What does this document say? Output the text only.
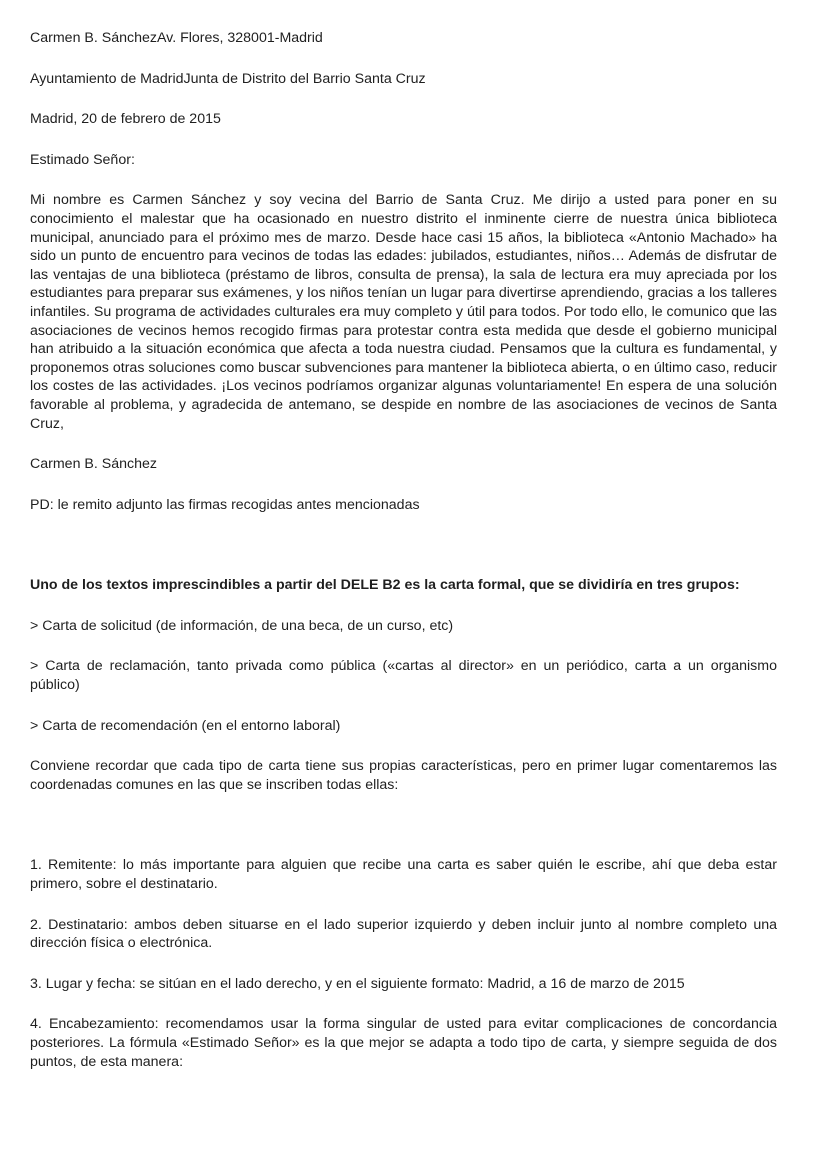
Carmen B. SánchezAv. Flores, 328001-Madrid

Ayuntamiento de MadridJunta de Distrito del Barrio Santa Cruz

Madrid, 20 de febrero de 2015

Estimado Señor:

Mi nombre es Carmen Sánchez y soy vecina del Barrio de Santa Cruz. Me dirijo a usted para poner en su conocimiento el malestar que ha ocasionado en nuestro distrito el inminente cierre de nuestra única biblioteca municipal, anunciado para el próximo mes de marzo. Desde hace casi 15 años, la biblioteca «Antonio Machado» ha sido un punto de encuentro para vecinos de todas las edades: jubilados, estudiantes, niños… Además de disfrutar de las ventajas de una biblioteca (préstamo de libros, consulta de prensa), la sala de lectura era muy apreciada por los estudiantes para preparar sus exámenes, y los niños tenían un lugar para divertirse aprendiendo, gracias a los talleres infantiles. Su programa de actividades culturales era muy completo y útil para todos. Por todo ello, le comunico que las asociaciones de vecinos hemos recogido firmas para protestar contra esta medida que desde el gobierno municipal han atribuido a la situación económica que afecta a toda nuestra ciudad. Pensamos que la cultura es fundamental, y proponemos otras soluciones como buscar subvenciones para mantener la biblioteca abierta, o en último caso, reducir los costes de las actividades. ¡Los vecinos podríamos organizar algunas voluntariamente! En espera de una solución favorable al problema, y agradecida de antemano, se despide en nombre de las asociaciones de vecinos de Santa Cruz,

Carmen B. Sánchez

PD: le remito adjunto las firmas recogidas antes mencionadas

Uno de los textos imprescindibles a partir del DELE B2 es la carta formal, que se dividiría en tres grupos:

> Carta de solicitud (de información, de una beca, de un curso, etc)

> Carta de reclamación, tanto privada como pública («cartas al director» en un periódico, carta a un organismo público)

> Carta de recomendación (en el entorno laboral)

Conviene recordar que cada tipo de carta tiene sus propias características, pero en primer lugar comentaremos las coordenadas comunes en las que se inscriben todas ellas:

1. Remitente: lo más importante para alguien que recibe una carta es saber quién le escribe, ahí que deba estar primero, sobre el destinatario.

2. Destinatario: ambos deben situarse en el lado superior izquierdo y deben incluir junto al nombre completo una dirección física o electrónica.

3. Lugar y fecha: se sitúan en el lado derecho, y en el siguiente formato: Madrid, a 16 de marzo de 2015

4. Encabezamiento: recomendamos usar la forma singular de usted para evitar complicaciones de concordancia posteriores. La fórmula «Estimado Señor» es la que mejor se adapta a todo tipo de carta, y siempre seguida de dos puntos, de esta manera:
